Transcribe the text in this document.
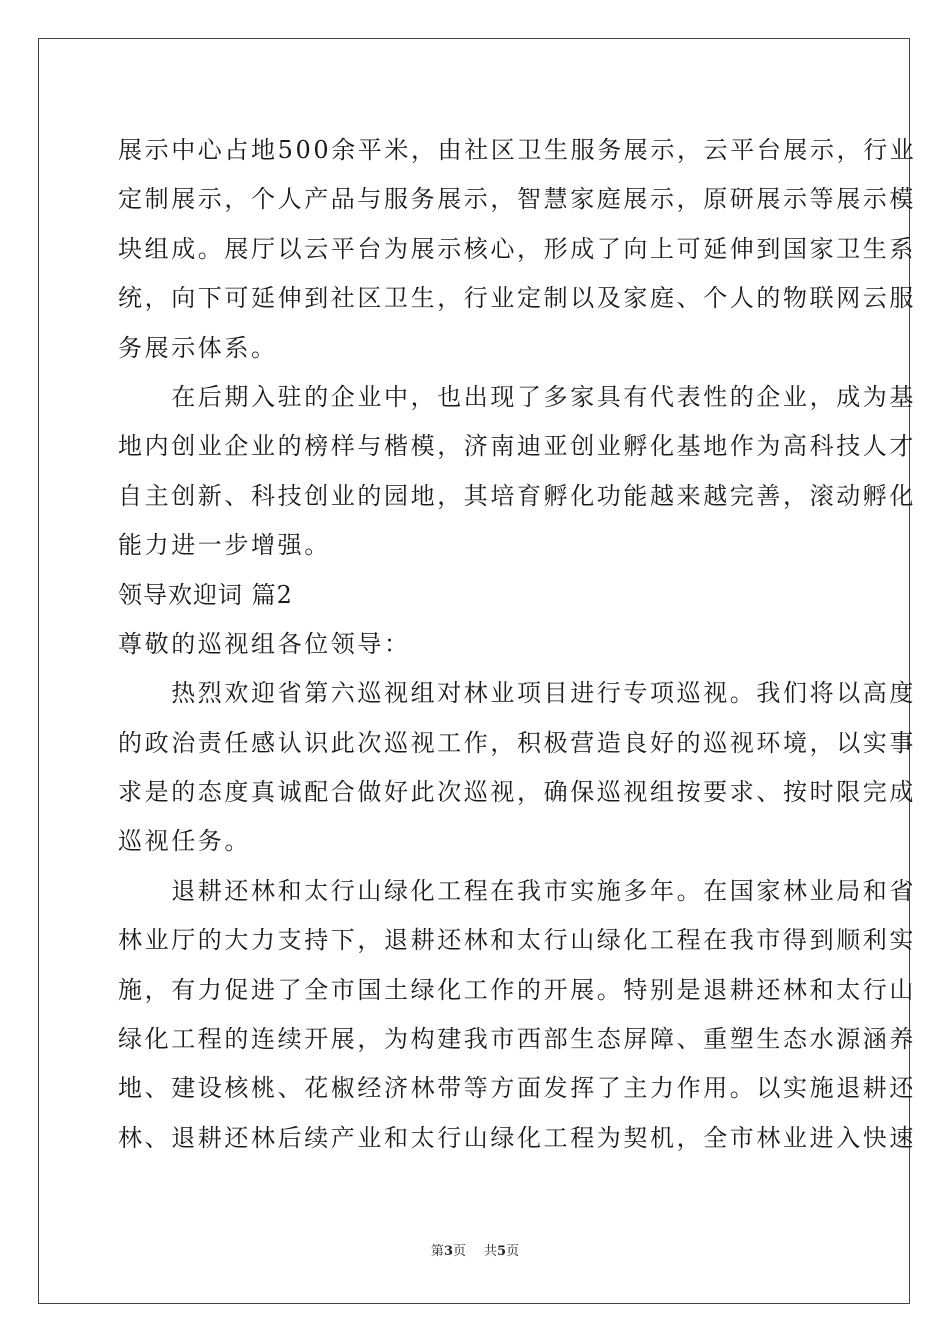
展示中心占地500余平米，由社区卫生服务展示，云平台展示，行业
定制展示，个人产品与服务展示，智慧家庭展示，原研展示等展示模
块组成。展厅以云平台为展示核心，形成了向上可延伸到国家卫生系
统，向下可延伸到社区卫生，行业定制以及家庭、个人的物联网云服
务展示体系。
　　在后期入驻的企业中，也出现了多家具有代表性的企业，成为基
地内创业企业的榜样与楷模，济南迪亚创业孵化基地作为高科技人才
自主创新、科技创业的园地，其培育孵化功能越来越完善，滚动孵化
能力进一步增强。
领导欢迎词 篇2
尊敬的巡视组各位领导：
　　热烈欢迎省第六巡视组对林业项目进行专项巡视。我们将以高度
的政治责任感认识此次巡视工作，积极营造良好的巡视环境，以实事
求是的态度真诚配合做好此次巡视，确保巡视组按要求、按时限完成
巡视任务。
　　退耕还林和太行山绿化工程在我市实施多年。在国家林业局和省
林业厅的大力支持下，退耕还林和太行山绿化工程在我市得到顺利实
施，有力促进了全市国土绿化工作的开展。特别是退耕还林和太行山
绿化工程的连续开展，为构建我市西部生态屏障、重塑生态水源涵养
地、建设核桃、花椒经济林带等方面发挥了主力作用。以实施退耕还
林、退耕还林后续产业和太行山绿化工程为契机，全市林业进入快速
第3页 共5页
